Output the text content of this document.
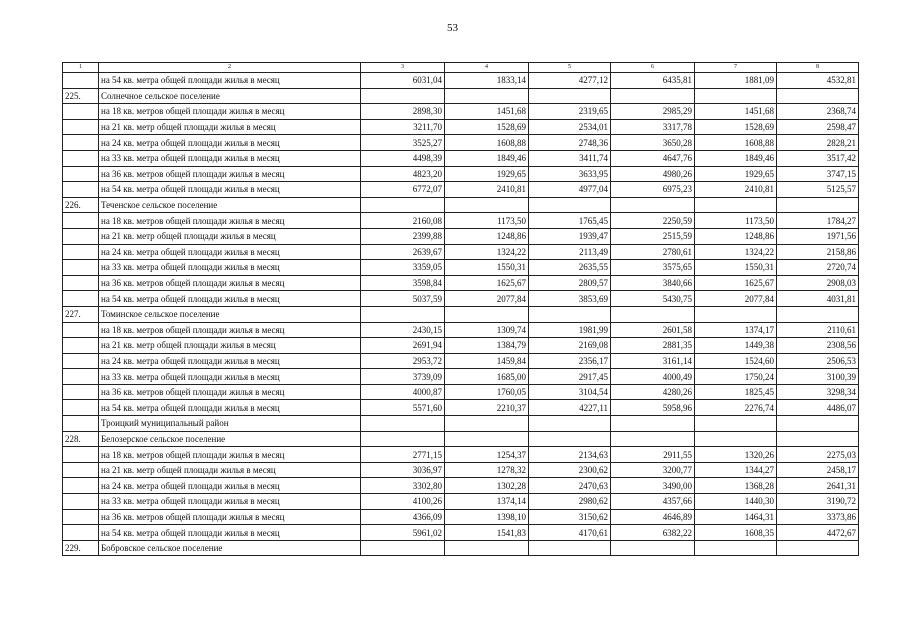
53
1	2	3	4	5	6	7	8
	на 54 кв. метра общей площади жилья в месяц	6031,04	1833,14	4277,12	6435,81	1881,09	4532,81
225.	Солнечное сельское поселение						
	на 18 кв. метров общей площади жилья в месяц	2898,30	1451,68	2319,65	2985,29	1451,68	2368,74
	на 21 кв. метр общей площади жилья в месяц	3211,70	1528,69	2534,01	3317,78	1528,69	2598,47
	на 24 кв. метра общей площади жилья в месяц	3525,27	1608,88	2748,36	3650,28	1608,88	2828,21
	на 33 кв. метра общей площади жилья в месяц	4498,39	1849,46	3411,74	4647,76	1849,46	3517,42
	на 36 кв. метров общей площади жилья в месяц	4823,20	1929,65	3633,95	4980,26	1929,65	3747,15
	на 54 кв. метра общей площади жилья в месяц	6772,07	2410,81	4977,04	6975,23	2410,81	5125,57
226.	Теченское сельское поселение						
	на 18 кв. метров общей площади жилья в месяц	2160,08	1173,50	1765,45	2250,59	1173,50	1784,27
	на 21 кв. метр общей площади жилья в месяц	2399,88	1248,86	1939,47	2515,59	1248,86	1971,56
	на 24 кв. метра общей площади жилья в месяц	2639,67	1324,22	2113,49	2780,61	1324,22	2158,86
	на 33 кв. метра общей площади жилья в месяц	3359,05	1550,31	2635,55	3575,65	1550,31	2720,74
	на 36 кв. метров общей площади жилья в месяц	3598,84	1625,67	2809,57	3840,66	1625,67	2908,03
	на 54 кв. метра общей площади жилья в месяц	5037,59	2077,84	3853,69	5430,75	2077,84	4031,81
227.	Томинское сельское поселение						
	на 18 кв. метров общей площади жилья в месяц	2430,15	1309,74	1981,99	2601,58	1374,17	2110,61
	на 21 кв. метр общей площади жилья в месяц	2691,94	1384,79	2169,08	2881,35	1449,38	2308,56
	на 24 кв. метра общей площади жилья в месяц	2953,72	1459,84	2356,17	3161,14	1524,60	2506,53
	на 33 кв. метра общей площади жилья в месяц	3739,09	1685,00	2917,45	4000,49	1750,24	3100,39
	на 36 кв. метров общей площади жилья в месяц	4000,87	1760,05	3104,54	4280,26	1825,45	3298,34
	на 54 кв. метра общей площади жилья в месяц	5571,60	2210,37	4227,11	5958,96	2276,74	4486,07
	Троицкий муниципальный район						
228.	Белозерское сельское поселение						
	на 18 кв. метров общей площади жилья в месяц	2771,15	1254,37	2134,63	2911,55	1320,26	2275,03
	на 21 кв. метр общей площади жилья в месяц	3036,97	1278,32	2300,62	3200,77	1344,27	2458,17
	на 24 кв. метра общей площади жилья в месяц	3302,80	1302,28	2470,63	3490,00	1368,28	2641,31
	на 33 кв. метра общей площади жилья в месяц	4100,26	1374,14	2980,62	4357,66	1440,30	3190,72
	на 36 кв. метров общей площади жилья в месяц	4366,09	1398,10	3150,62	4646,89	1464,31	3373,86
	на 54 кв. метра общей площади жилья в месяц	5961,02	1541,83	4170,61	6382,22	1608,35	4472,67
229.	Бобровское сельское поселение						
